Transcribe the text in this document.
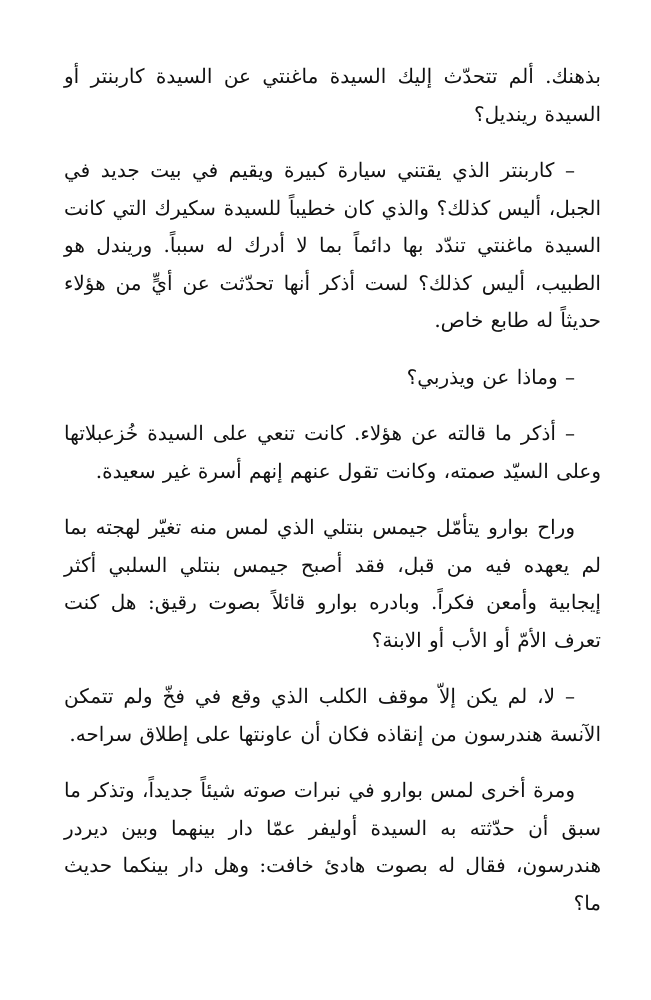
بذهنك. ألم تتحدّث إليك السيدة ماغنتي عن السيدة كاربنتر أو السيدة رينديل؟

– كاربنتر الذي يقتني سيارة كبيرة ويقيم في بيت جديد في الجبل، أليس كذلك؟ والذي كان خطيباً للسيدة سكيرك التي كانت السيدة ماغنتي تندّد بها دائماً بما لا أدرك له سبباً. وريندل هو الطبيب، أليس كذلك؟ لست أذكر أنها تحدّثت عن أيٍّ من هؤلاء حديثاً له طابع خاص.

– وماذا عن ويذربي؟

– أذكر ما قالته عن هؤلاء. كانت تنعي على السيدة خُزعبلاتها وعلى السيّد صمته، وكانت تقول عنهم إنهم أسرة غير سعيدة.

وراح بوارو يتأمّل جيمس بنتلي الذي لمس منه تغيّر لهجته بما لم يعهده فيه من قبل، فقد أصبح جيمس بنتلي السلبي أكثر إيجابية وأمعن فكراً. وبادره بوارو قائلاً بصوت رقيق: هل كنت تعرف الأمّ أو الأب أو الابنة؟

– لا، لم يكن إلاّ موقف الكلب الذي وقع في فخّ ولم تتمكن الآنسة هندرسون من إنقاذه فكان أن عاونتها على إطلاق سراحه.

ومرة أخرى لمس بوارو في نبرات صوته شيئاً جديداً، وتذكر ما سبق أن حدّثته به السيدة أوليفر عمّا دار بينهما وبين ديردر هندرسون، فقال له بصوت هادئ خافت: وهل دار بينكما حديث ما؟
